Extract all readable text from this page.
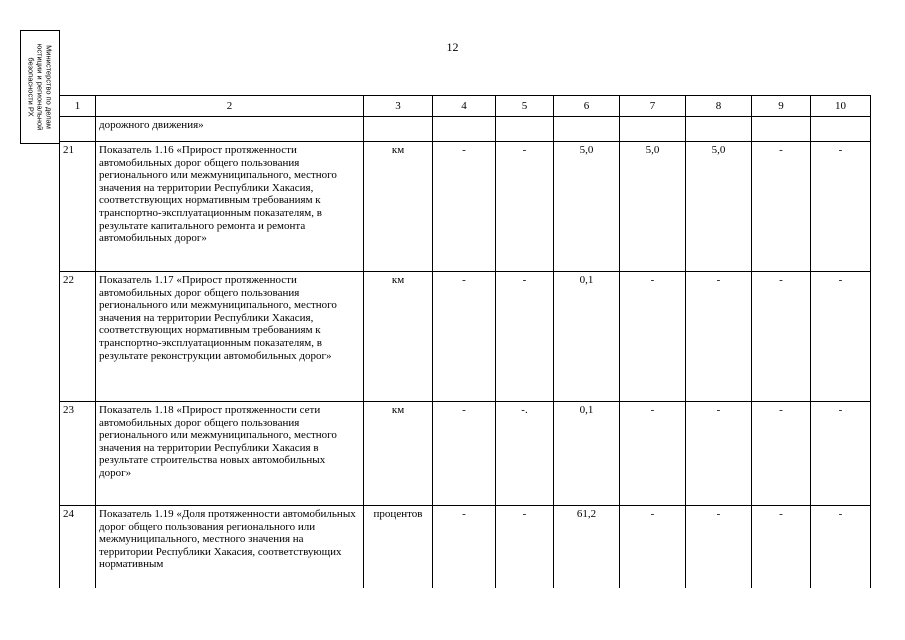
Министерство по делам
юстиции и региональной
безопасности РХ
12
1	2	3	4	5	6	7	8	9	10
	дорожного движения»								
21	Показатель 1.16 «Прирост протяженности автомобильных дорог общего пользования регионального или межмуниципального, местного значения на территории Республики Хакасия, соответствующих нормативным требованиям к транспортно-эксплуатационным показателям, в результате капитального ремонта и ремонта автомобильных дорог»	км	-	-	5,0	5,0	5,0	-	-
22	Показатель 1.17 «Прирост протяженности автомобильных дорог общего пользования регионального или межмуниципального, местного значения на территории Республики Хакасия, соответствующих нормативным требованиям к транспортно-эксплуатационным показателям, в результате реконструкции автомобильных дорог»	км	-	-	0,1	-	-	-	-
23	Показатель 1.18 «Прирост протяженности сети автомобильных дорог общего пользования регионального или межмуниципального, местного значения на территории Республики Хакасия в результате строительства новых автомобильных дорог»	км	-	-.	0,1	-	-	-	-
24	Показатель 1.19 «Доля протяженности автомобильных дорог общего пользования регионального или межмуниципального, местного значения на территории Республики Хакасия, соответствующих нормативным	процентов	-	-	61,2	-	-	-	-
